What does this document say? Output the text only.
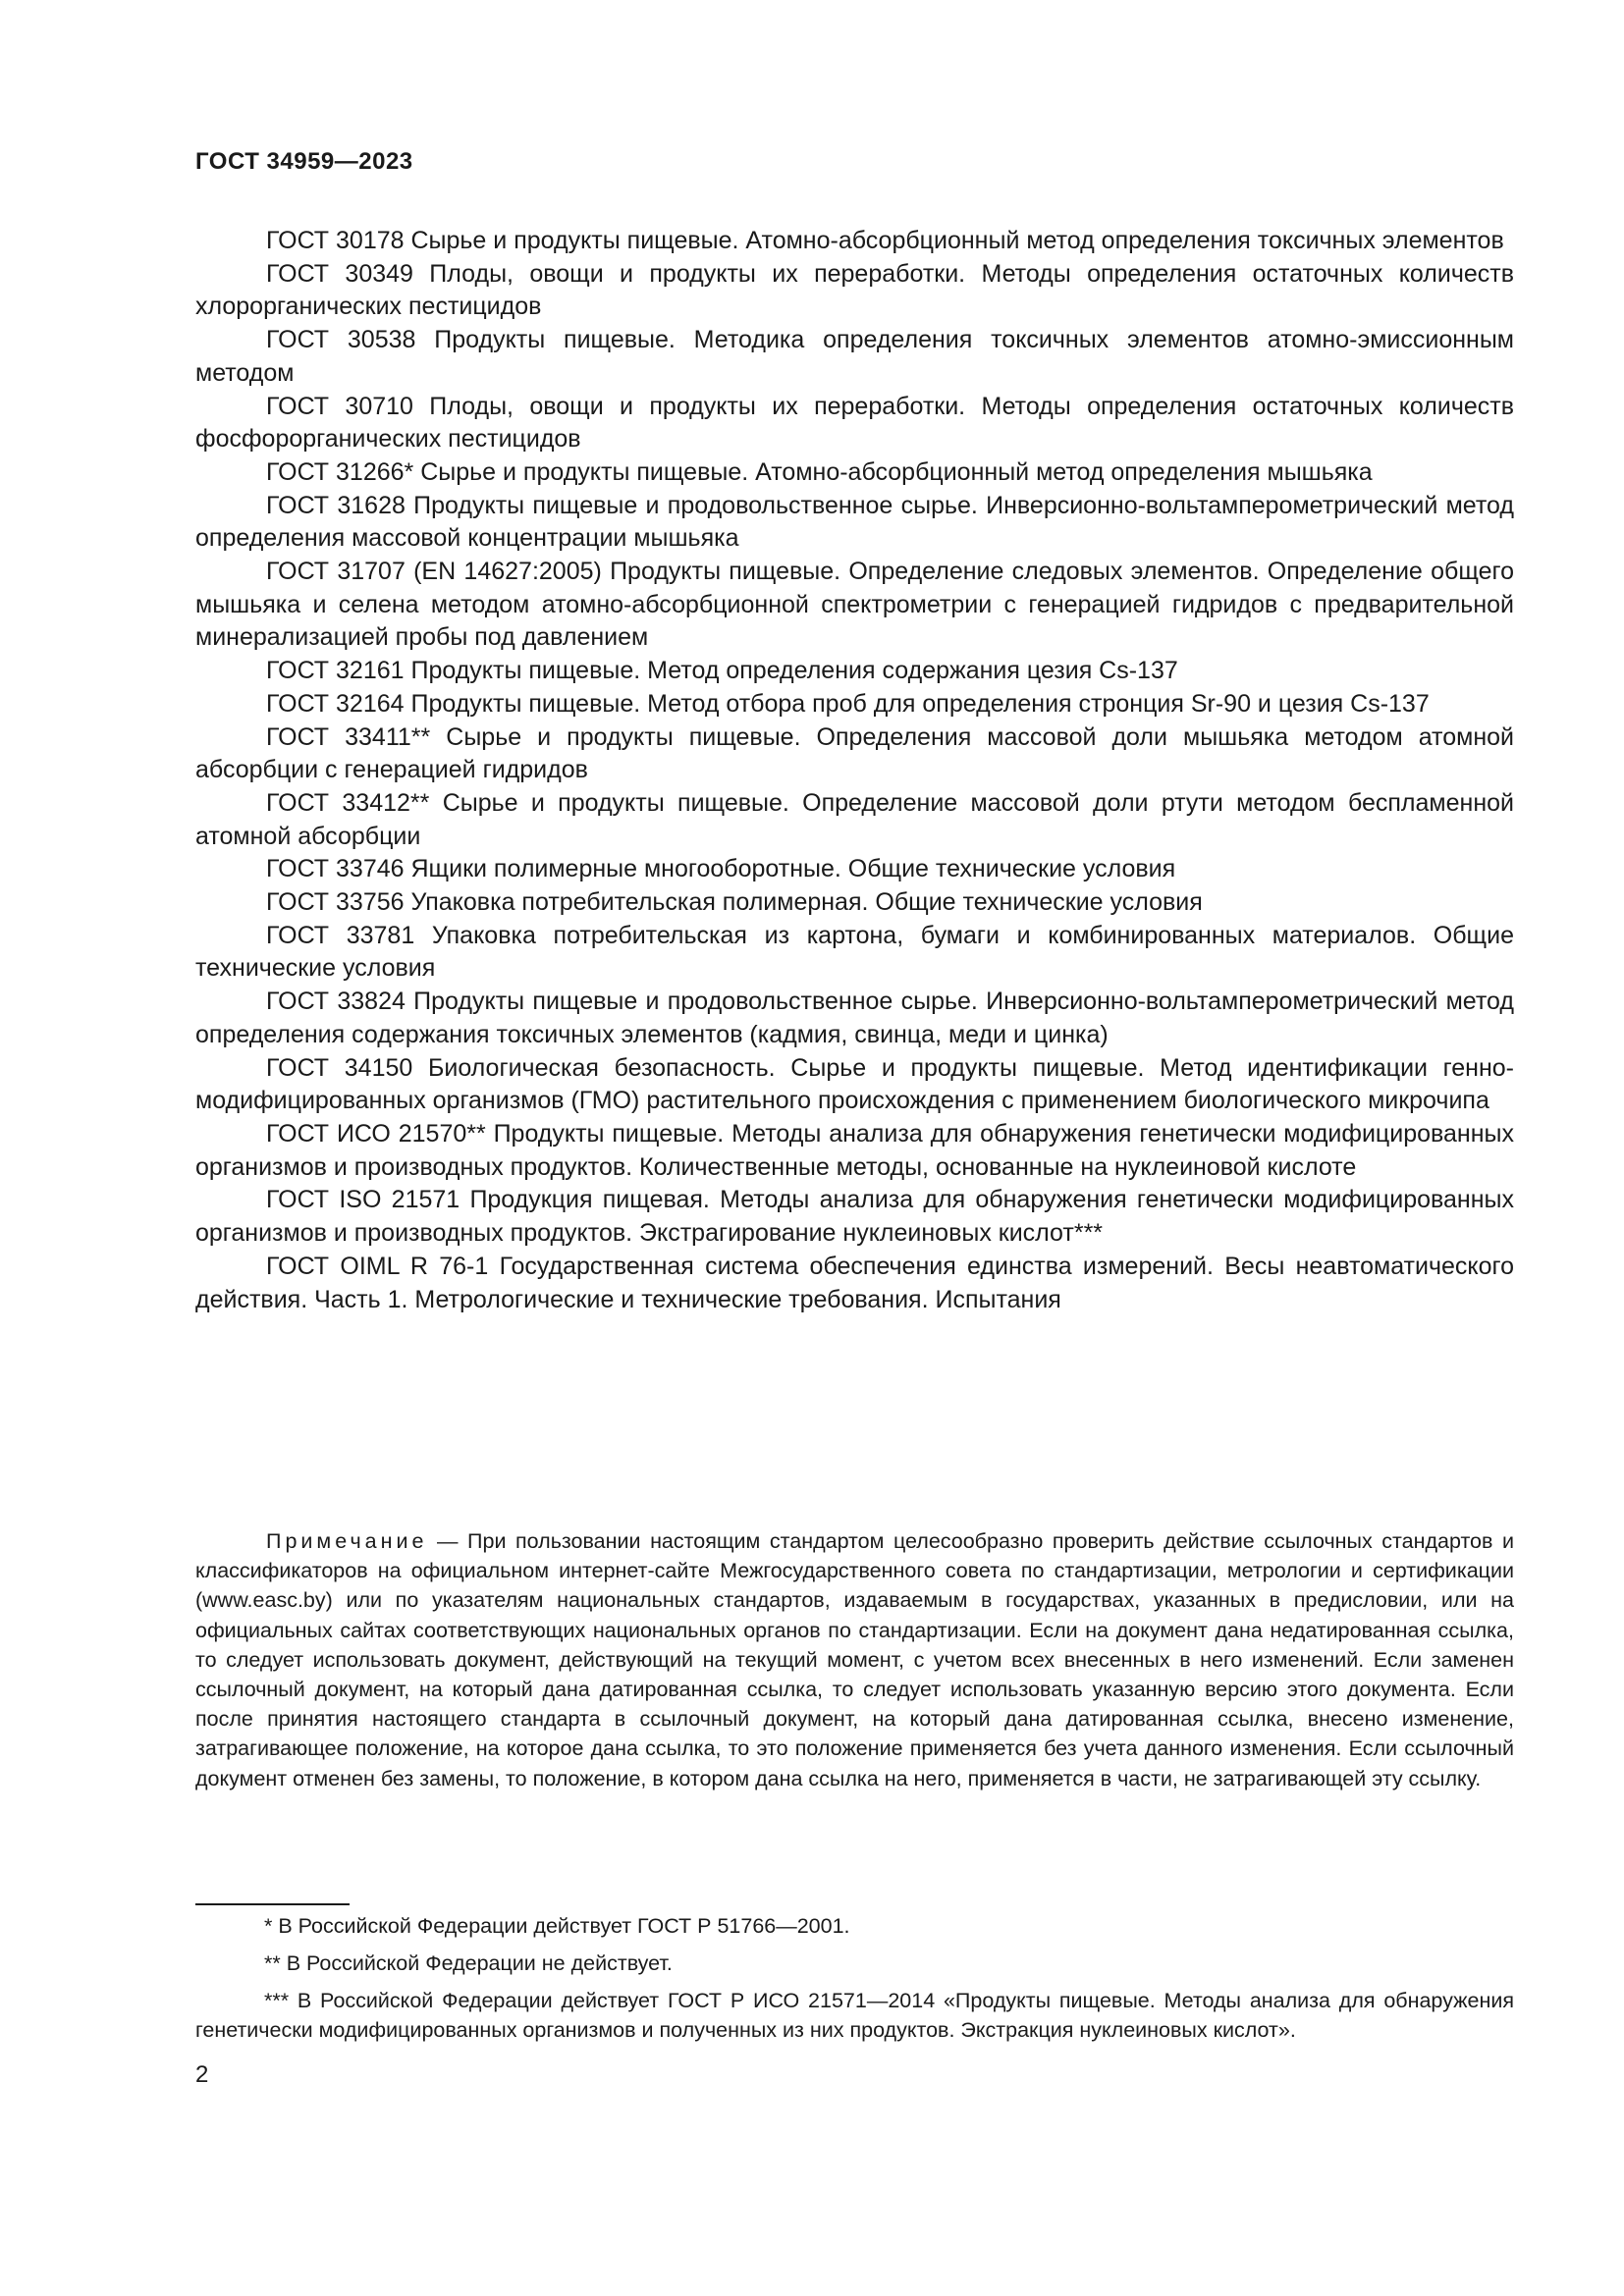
ГОСТ 34959—2023

ГОСТ 30178 Сырье и продукты пищевые. Атомно-абсорбционный метод определения токсичных элементов

ГОСТ 30349 Плоды, овощи и продукты их переработки. Методы определения остаточных количеств хлорорганических пестицидов

ГОСТ 30538 Продукты пищевые. Методика определения токсичных элементов атомно-эмиссионным методом

ГОСТ 30710 Плоды, овощи и продукты их переработки. Методы определения остаточных количеств фосфорорганических пестицидов

ГОСТ 31266* Сырье и продукты пищевые. Атомно-абсорбционный метод определения мышьяка

ГОСТ 31628 Продукты пищевые и продовольственное сырье. Инверсионно-вольтамперометрический метод определения массовой концентрации мышьяка

ГОСТ 31707 (EN 14627:2005) Продукты пищевые. Определение следовых элементов. Определение общего мышьяка и селена методом атомно-абсорбционной спектрометрии с генерацией гидридов с предварительной минерализацией пробы под давлением

ГОСТ 32161 Продукты пищевые. Метод определения содержания цезия Cs-137

ГОСТ 32164 Продукты пищевые. Метод отбора проб для определения стронция Sr-90 и цезия Cs-137

ГОСТ 33411** Сырье и продукты пищевые. Определения массовой доли мышьяка методом атомной абсорбции с генерацией гидридов

ГОСТ 33412** Сырье и продукты пищевые. Определение массовой доли ртути методом беспламенной атомной абсорбции

ГОСТ 33746 Ящики полимерные многооборотные. Общие технические условия

ГОСТ 33756 Упаковка потребительская полимерная. Общие технические условия

ГОСТ 33781 Упаковка потребительская из картона, бумаги и комбинированных материалов. Общие технические условия

ГОСТ 33824 Продукты пищевые и продовольственное сырье. Инверсионно-вольтамперометрический метод определения содержания токсичных элементов (кадмия, свинца, меди и цинка)

ГОСТ 34150 Биологическая безопасность. Сырье и продукты пищевые. Метод идентификации генно-модифицированных организмов (ГМО) растительного происхождения с применением биологического микрочипа

ГОСТ ИСО 21570** Продукты пищевые. Методы анализа для обнаружения генетически модифицированных организмов и производных продуктов. Количественные методы, основанные на нуклеиновой кислоте

ГОСТ ISO 21571 Продукция пищевая. Методы анализа для обнаружения генетически модифицированных организмов и производных продуктов. Экстрагирование нуклеиновых кислот***

ГОСТ OIML R 76-1 Государственная система обеспечения единства измерений. Весы неавтоматического действия. Часть 1. Метрологические и технические требования. Испытания

Примечание — При пользовании настоящим стандартом целесообразно проверить действие ссылочных стандартов и классификаторов на официальном интернет-сайте Межгосударственного совета по стандартизации, метрологии и сертификации (www.easc.by) или по указателям национальных стандартов, издаваемым в государствах, указанных в предисловии, или на официальных сайтах соответствующих национальных органов по стандартизации. Если на документ дана недатированная ссылка, то следует использовать документ, действующий на текущий момент, с учетом всех внесенных в него изменений. Если заменен ссылочный документ, на который дана датированная ссылка, то следует использовать указанную версию этого документа. Если после принятия настоящего стандарта в ссылочный документ, на который дана датированная ссылка, внесено изменение, затрагивающее положение, на которое дана ссылка, то это положение применяется без учета данного изменения. Если ссылочный документ отменен без замены, то положение, в котором дана ссылка на него, применяется в части, не затрагивающей эту ссылку.

* В Российской Федерации действует ГОСТ Р 51766—2001.

** В Российской Федерации не действует.

*** В Российской Федерации действует ГОСТ Р ИСО 21571—2014 «Продукты пищевые. Методы анализа для обнаружения генетически модифицированных организмов и полученных из них продуктов. Экстракция нуклеиновых кислот».

2
